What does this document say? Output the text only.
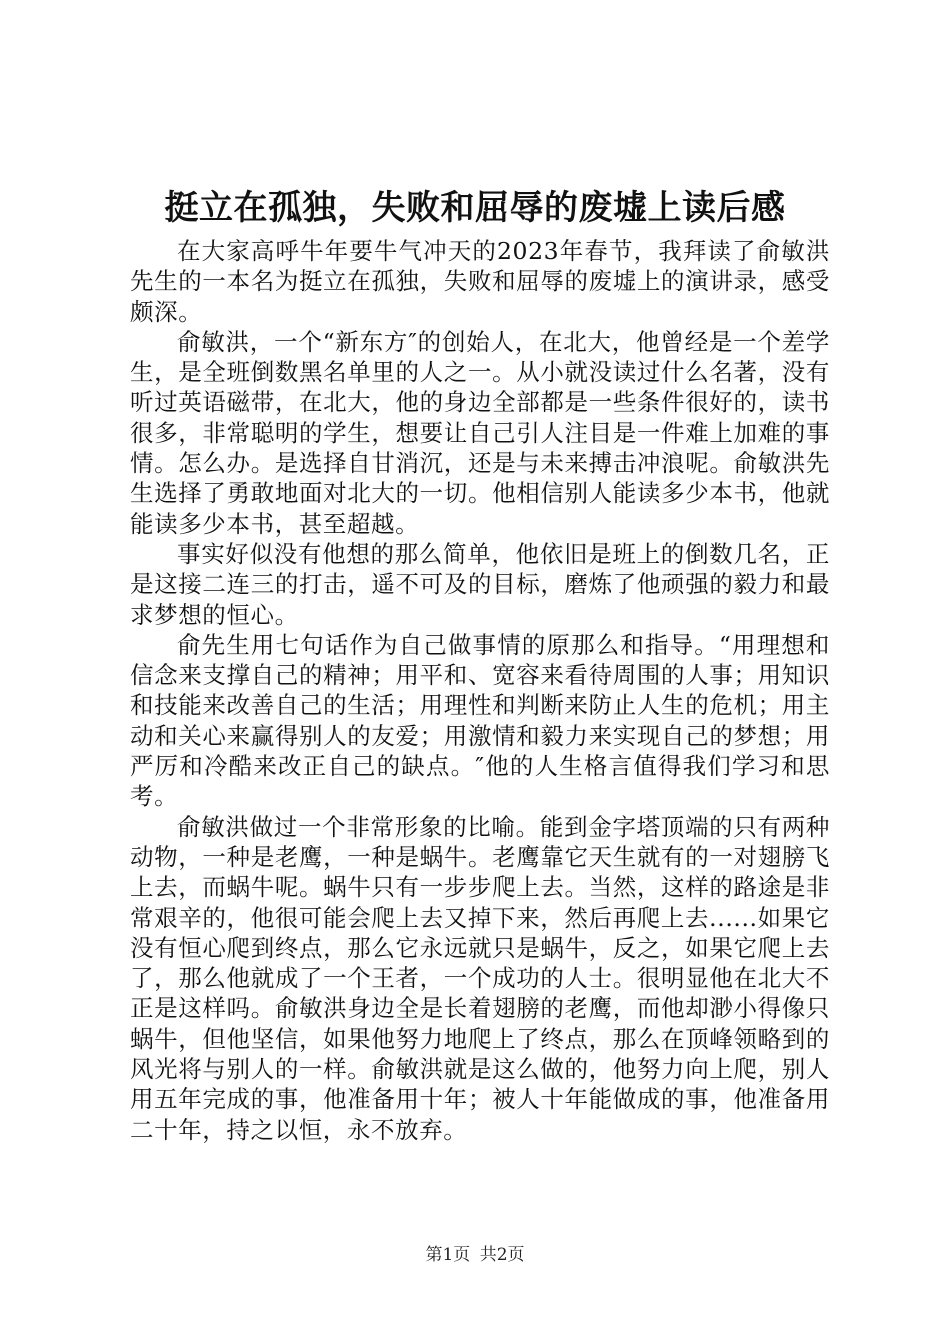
挺立在孤独，失败和屈辱的废墟上读后感

在大家高呼牛年要牛气冲天的2023年春节，我拜读了俞敏洪先生的一本名为挺立在孤独，失败和屈辱的废墟上的演讲录，感受颇深。

俞敏洪，一个“新东方″的创始人，在北大，他曾经是一个差学生，是全班倒数黑名单里的人之一。从小就没读过什么名著，没有听过英语磁带，在北大，他的身边全部都是一些条件很好的，读书很多，非常聪明的学生，想要让自己引人注目是一件难上加难的事情。怎么办。是选择自甘消沉，还是与未来搏击冲浪呢。俞敏洪先生选择了勇敢地面对北大的一切。他相信别人能读多少本书，他就能读多少本书，甚至超越。

事实好似没有他想的那么简单，他依旧是班上的倒数几名，正是这接二连三的打击，遥不可及的目标，磨炼了他顽强的毅力和最求梦想的恒心。

俞先生用七句话作为自己做事情的原那么和指导。“用理想和信念来支撑自己的精神；用平和、宽容来看待周围的人事；用知识和技能来改善自己的生活；用理性和判断来防止人生的危机；用主动和关心来赢得别人的友爱；用激情和毅力来实现自己的梦想；用严厉和冷酷来改正自己的缺点。″他的人生格言值得我们学习和思考。

俞敏洪做过一个非常形象的比喻。能到金字塔顶端的只有两种动物，一种是老鹰，一种是蜗牛。老鹰靠它天生就有的一对翅膀飞上去，而蜗牛呢。蜗牛只有一步步爬上去。当然，这样的路途是非常艰辛的，他很可能会爬上去又掉下来，然后再爬上去......如果它没有恒心爬到终点，那么它永远就只是蜗牛，反之，如果它爬上去了，那么他就成了一个王者，一个成功的人士。很明显他在北大不正是这样吗。俞敏洪身边全是长着翅膀的老鹰，而他却渺小得像只蜗牛，但他坚信，如果他努力地爬上了终点，那么在顶峰领略到的风光将与别人的一样。俞敏洪就是这么做的，他努力向上爬，别人用五年完成的事，他准备用十年；被人十年能做成的事，他准备用二十年，持之以恒，永不放弃。

第1页 共2页
